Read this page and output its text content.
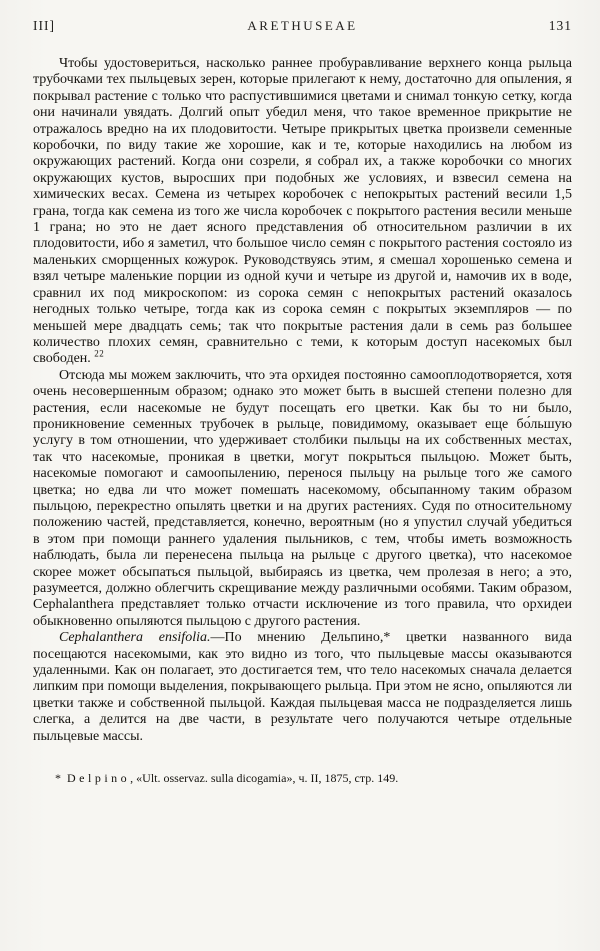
III]	ARETHUSEAE	131

Чтобы удостовериться, насколько раннее пробуравливание верхнего конца рыльца трубочками тех пыльцевых зерен, которые прилегают к нему, достаточно для опыления, я покрывал растение с только что распустившимися цветами и снимал тонкую сетку, когда они начинали увядать. Долгий опыт убедил меня, что такое временное прикрытие не отражалось вредно на их плодовитости. Четыре прикрытых цветка произвели семенные коробочки, по виду такие же хорошие, как и те, которые находились на любом из окружающих растений. Когда они созрели, я собрал их, а также коробочки со многих окружающих кустов, выросших при подобных же условиях, и взвесил семена на химических весах. Семена из четырех коробочек с непокрытых растений весили 1,5 грана, тогда как семена из того же числа коробочек с покрытого растения весили меньше 1 грана; но это не дает ясного представления об относительном различии в их плодовитости, ибо я заметил, что большое число семян с покрытого растения состояло из маленьких сморщенных кожурок. Руководствуясь этим, я смешал хорошенько семена и взял четыре маленькие порции из одной кучи и четыре из другой и, намочив их в воде, сравнил их под микроскопом: из сорока семян с непокрытых растений оказалось негодных только четыре, тогда как из сорока семян с покрытых экземпляров — по меньшей мере двадцать семь; так что покрытые растения дали в семь раз большее количество плохих семян, сравнительно с теми, к которым доступ насекомых был свободен. $^{22}$

Отсюда мы можем заключить, что эта орхидея постоянно самооплодотворяется, хотя очень несовершенным образом; однако это может быть в высшей степени полезно для растения, если насекомые не будут посещать его цветки. Как бы то ни было, проникновение семенных трубочек в рыльце, повидимому, оказывает еще бо́льшую услугу в том отношении, что удерживает столбики пыльцы на их собственных местах, так что насекомые, проникая в цветки, могут покрыться пыльцою. Может быть, насекомые помогают и самоопылению, перенося пыльцу на рыльце того же самого цветка; но едва ли что может помешать насекомому, обсыпанному таким образом пыльцою, перекрестно опылять цветки и на других растениях. Судя по относительному положению частей, представляется, конечно, вероятным (но я упустил случай убедиться в этом при помощи раннего удаления пыльников, с тем, чтобы иметь возможность наблюдать, была ли перенесена пыльца на рыльце с другого цветка), что насекомое скорее может обсыпаться пыльцой, выбираясь из цветка, чем пролезая в него; а это, разумеется, должно облегчить скрещивание между различными особями. Таким образом, Cephalanthera представляет только отчасти исключение из того правила, что орхидеи обыкновенно опыляются пыльцою с другого растения.

Cephalanthera ensifolia.—По мнению Дельпино,* цветки названного вида посещаются насекомыми, как это видно из того, что пыльцевые массы оказываются удаленными. Как он полагает, это достигается тем, что тело насекомых сначала делается липким при помощи выделения, покрывающего рыльца. При этом не ясно, опыляются ли цветки также и собственной пыльцой. Каждая пыльцевая масса не подразделяется лишь слегка, а делится на две части, в результате чего получаются четыре отдельные пыльцевые массы.

* Delpino, «Ult. osservaz. sulla dicogamia», ч. II, 1875, стр. 149.
